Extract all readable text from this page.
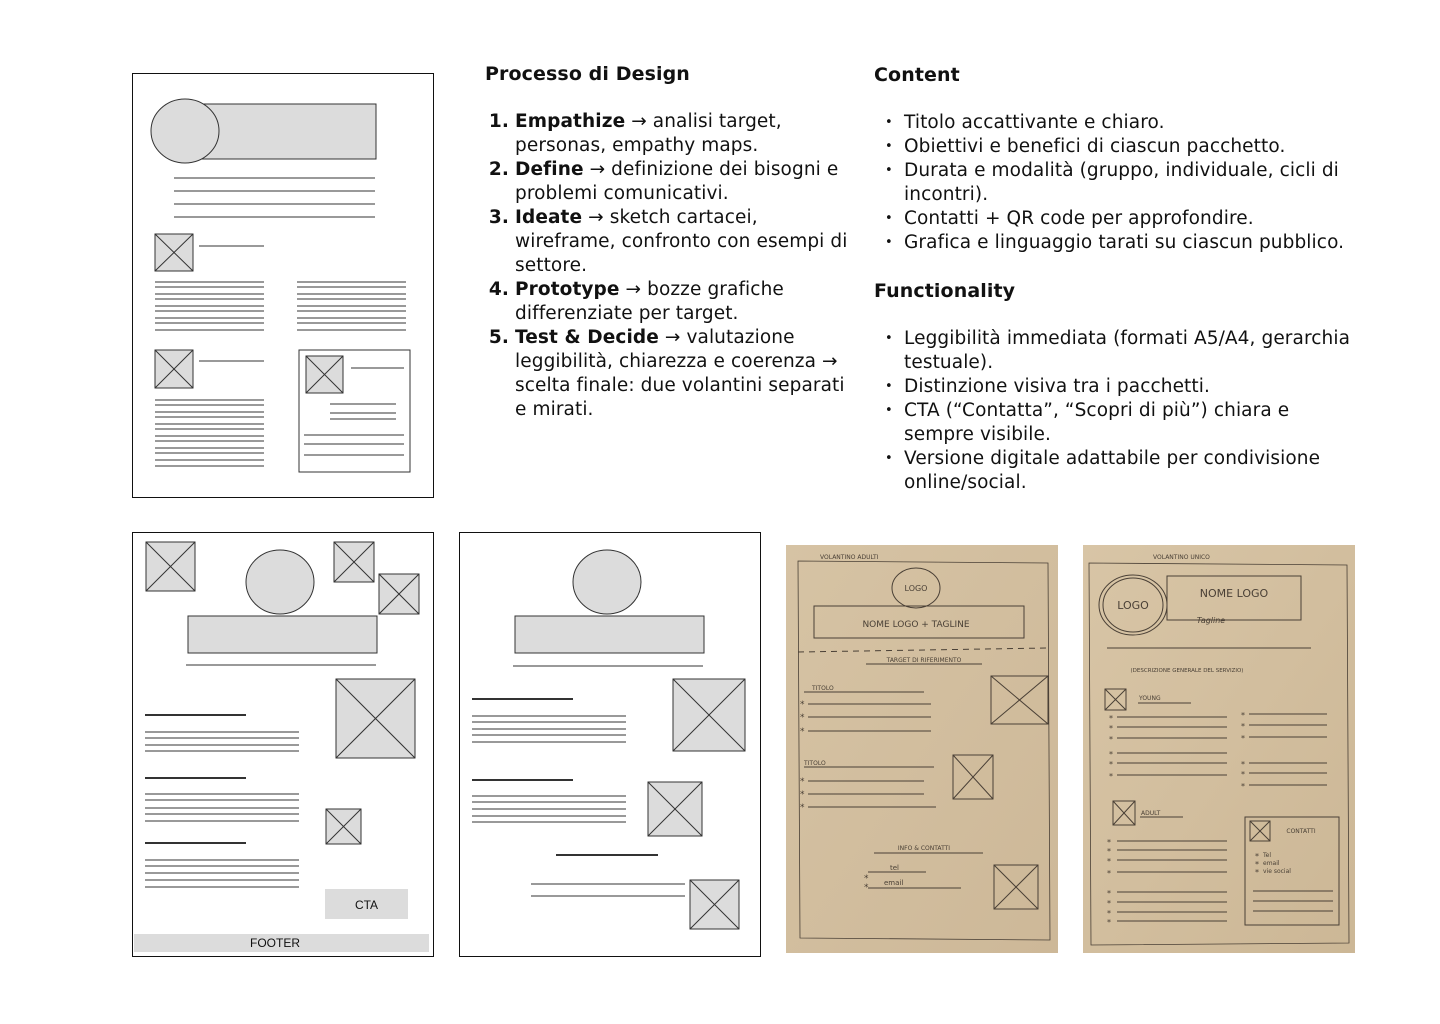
Processo di Design
1. Empathize → analisi target, personas, empathy maps.
2. Define → definizione dei bisogni e problemi comunicativi.
3. Ideate → sketch cartacei, wireframe, confronto con esempi di settore.
4. Prototype → bozze grafiche differenziate per target.
5. Test & Decide → valutazione leggibilità, chiarezza e coerenza → scelta finale: due volantini separati e mirati.
Content
• Titolo accattivante e chiaro.
• Obiettivi e benefici di ciascun pacchetto.
• Durata e modalità (gruppo, individuale, cicli di incontri).
• Contatti + QR code per approfondire.
• Grafica e linguaggio tarati su ciascun pubblico.
Functionality
• Leggibilità immediata (formati A5/A4, gerarchia testuale).
• Distinzione visiva tra i pacchetti.
• CTA (“Contatta”, “Scopri di più”) chiara e sempre visibile.
• Versione digitale adattabile per condivisione online/social.
CTA
FOOTER
VOLANTINO ADULTI
LOGO
NOME LOGO + TAGLINE
TARGET DI RIFERIMENTO
TITOLO
TITOLO
INFO & CONTATTI
tel
email
*
*
*
*
*
*
*
*
VOLANTINO UNICO
LOGO
NOME LOGO
Tagline
(DESCRIZIONE GENERALE DEL SERVIZIO)
YOUNG
ADULT
CONTATTI
Tel
email
vie social
*
*
*
*
*
*
*
*
*
*
*
*
*
*
*
*
*
*
*
*
*
*
*
